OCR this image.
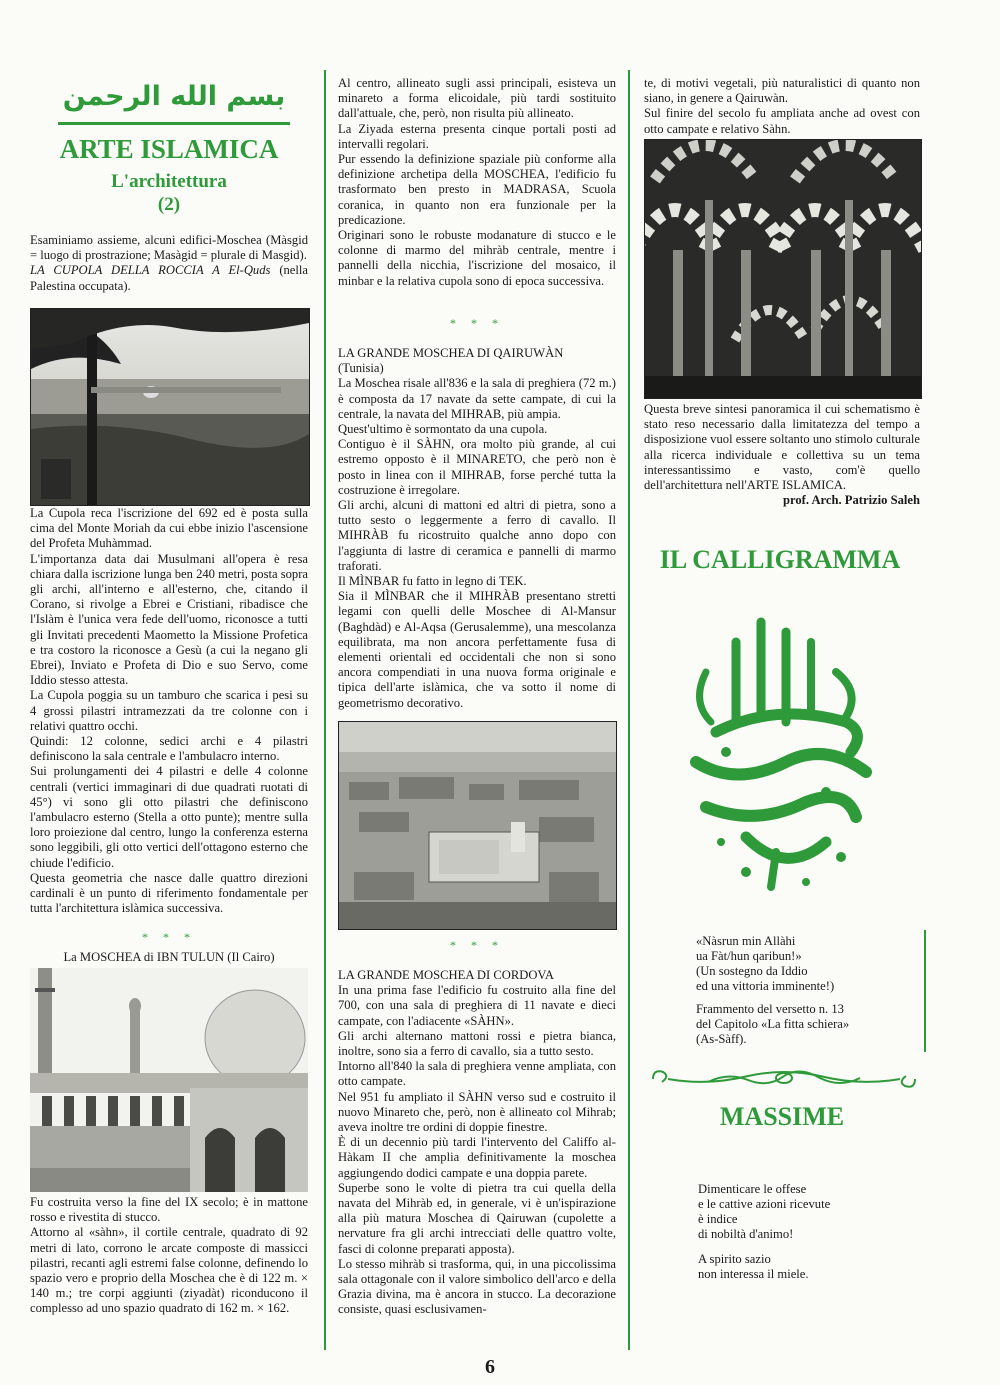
بسم الله الرحمن
ARTE ISLAMICA
L'architettura
(2)

Esaminiamo assieme, alcuni edifici-Moschea (Màsgid = luogo di prostrazione; Masàgid = plurale di Masgid).

LA CUPOLA DELLA ROCCIA A El-Quds (nella Palestina occupata).

La Cupola reca l'iscrizione del 692 ed è posta sulla cima del Monte Moriah da cui ebbe inizio l'ascensione del Profeta Muhàmmad.

L'importanza data dai Musulmani all'opera è resa chiara dalla iscrizione lunga ben 240 metri, posta sopra gli archi, all'interno e all'esterno, che, citando il Corano, si rivolge a Ebrei e Cristiani, ribadisce che l'Islàm è l'unica vera fede dell'uomo, riconosce a tutti gli Invitati precedenti Maometto la Missione Profetica e tra costoro la riconosce a Gesù (a cui la negano gli Ebrei), Inviato e Profeta di Dio e suo Servo, come Iddio stesso attesta.

La Cupola poggia su un tamburo che scarica i pesi su 4 grossi pilastri intramezzati da tre colonne con i relativi quattro occhi.

Quindi: 12 colonne, sedici archi e 4 pilastri definiscono la sala centrale e l'ambulacro interno.

Sui prolungamenti dei 4 pilastri e delle 4 colonne centrali (vertici immaginari di due quadrati ruotati di 45°) vi sono gli otto pilastri che definiscono l'ambulacro esterno (Stella a otto punte); mentre sulla loro proiezione dal centro, lungo la conferenza esterna sono leggibili, gli otto vertici dell'ottagono esterno che chiude l'edificio.

Questa geometria che nasce dalle quattro direzioni cardinali è un punto di riferimento fondamentale per tutta l'architettura islàmica successiva.

* * *
La MOSCHEA di IBN TULUN (Il Cairo)

Fu costruita verso la fine del IX secolo; è in mattone rosso e rivestita di stucco.

Attorno al «sàhn», il cortile centrale, quadrato di 92 metri di lato, corrono le arcate composte di massicci pilastri, recanti agli estremi false colonne, definendo lo spazio vero e proprio della Moschea che è di 122 m. × 140 m.; tre corpi aggiunti (ziyadàt) riconducono il complesso ad uno spazio quadrato di 162 m. × 162.

Al centro, allineato sugli assi principali, esisteva un minareto a forma elicoidale, più tardi sostituito dall'attuale, che, però, non risulta più allineato.

La Ziyada esterna presenta cinque portali posti ad intervalli regolari.

Pur essendo la definizione spaziale più conforme alla definizione archetipa della MOSCHEA, l'edificio fu trasformato ben presto in MADRASA, Scuola coranica, in quanto non era funzionale per la predicazione.

Originari sono le robuste modanature di stucco e le colonne di marmo del mihràb centrale, mentre i pannelli della nicchia, l'iscrizione del mosaico, il minbar e la relativa cupola sono di epoca successiva.

* * *

LA GRANDE MOSCHEA DI QAIRUWÀN

(Tunisia)

La Moschea risale all'836 e la sala di preghiera (72 m.) è composta da 17 navate da sette campate, di cui la centrale, la navata del MIHRAB, più ampia.

Quest'ultimo è sormontato da una cupola.

Contiguo è il SÀHN, ora molto più grande, al cui estremo opposto è il MINARETO, che però non è posto in linea con il MIHRAB, forse perché tutta la costruzione è irregolare.

Gli archi, alcuni di mattoni ed altri di pietra, sono a tutto sesto o leggermente a ferro di cavallo. Il MIHRÀB fu ricostruito qualche anno dopo con l'aggiunta di lastre di ceramica e pannelli di marmo traforati.

Il MÌNBAR fu fatto in legno di TEK.

Sia il MÌNBAR che il MIHRÀB presentano stretti legami con quelli delle Moschee di Al-Mansur (Baghdàd) e Al-Aqsa (Gerusalemme), una mescolanza equilibrata, ma non ancora perfettamente fusa di elementi orientali ed occidentali che non si sono ancora compendiati in una nuova forma originale e tipica dell'arte islàmica, che va sotto il nome di geometrismo decorativo.

* * *

LA GRANDE MOSCHEA DI CORDOVA

In una prima fase l'edificio fu costruito alla fine del 700, con una sala di preghiera di 11 navate e dieci campate, con l'adiacente «SÀHN».

Gli archi alternano mattoni rossi e pietra bianca, inoltre, sono sia a ferro di cavallo, sia a tutto sesto.

Intorno all'840 la sala di preghiera venne ampliata, con otto campate.

Nel 951 fu ampliato il SÀHN verso sud e costruito il nuovo Minareto che, però, non è allineato col Mihrab; aveva inoltre tre ordini di doppie finestre.

È di un decennio più tardi l'intervento del Califfo al-Hàkam II che amplia definitivamente la moschea aggiungendo dodici campate e una doppia parete.

Superbe sono le volte di pietra tra cui quella della navata del Mihràb ed, in generale, vi è un'ispirazione alla più matura Moschea di Qairuwan (cupolette a nervature fra gli archi intrecciati delle quattro volte, fasci di colonne preparati apposta).

Lo stesso mihràb si trasforma, qui, in una piccolissima sala ottagonale con il valore simbolico dell'arco e della Grazia divina, ma è ancora in stucco. La decorazione consiste, quasi esclusivamen-

te, di motivi vegetali, più naturalistici di quanto non siano, in genere a Qairuwàn.

Sul finire del secolo fu ampliata anche ad ovest con otto campate e relativo Sàhn.

Questa breve sintesi panoramica il cui schematismo è stato reso necessario dalla limitatezza del tempo a disposizione vuol essere soltanto uno stimolo culturale alla ricerca individuale e collettiva su un tema interessantissimo e vasto, com'è quello dell'architettura nell'ARTE ISLAMICA.

prof. Arch. Patrizio Saleh

IL CALLIGRAMMA

«Nàsrun min Allàhi

ua Fàt/hun qaribun!»

(Un sostegno da Iddio

ed una vittoria imminente!)

Frammento del versetto n. 13

del Capitolo «La fitta schiera»

(As-Sàff).

MASSIME

Dimenticare le offese

e le cattive azioni ricevute

è indice

di nobiltà d'animo!

A spirito sazio

non interessa il miele.

6
